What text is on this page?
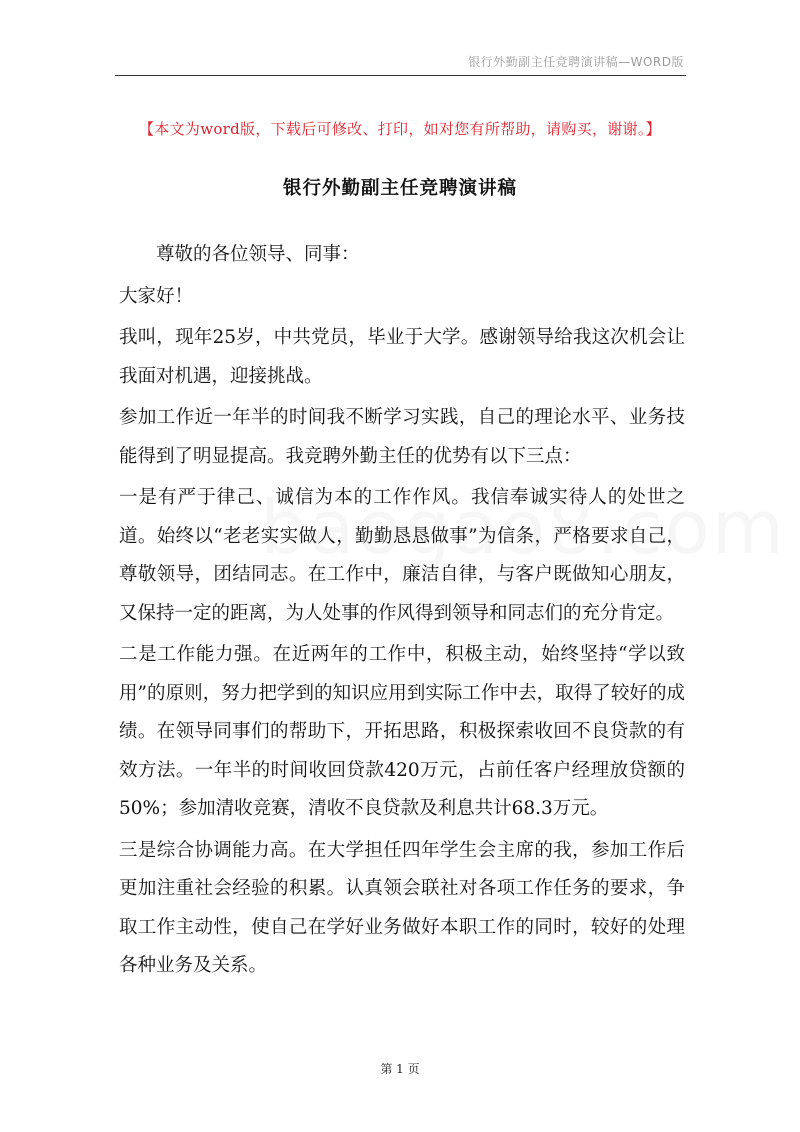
银行外勤副主任竞聘演讲稿—WORD版
【本文为word版，下载后可修改、打印，如对您有所帮助，请购买，谢谢。】
银行外勤副主任竞聘演讲稿

尊敬的各位领导、同事：

大家好！

我叫，现年25岁，中共党员，毕业于大学。感谢领导给我这次机会让我面对机遇，迎接挑战。

参加工作近一年半的时间我不断学习实践，自己的理论水平、业务技能得到了明显提高。我竞聘外勤主任的优势有以下三点：

一是有严于律己、诚信为本的工作作风。我信奉诚实待人的处世之道。始终以“老老实实做人，勤勤恳恳做事”为信条，严格要求自己，尊敬领导，团结同志。在工作中，廉洁自律，与客户既做知心朋友，又保持一定的距离，为人处事的作风得到领导和同志们的充分肯定。

二是工作能力强。在近两年的工作中，积极主动，始终坚持“学以致用”的原则，努力把学到的知识应用到实际工作中去，取得了较好的成绩。在领导同事们的帮助下，开拓思路，积极探索收回不良贷款的有效方法。一年半的时间收回贷款420万元，占前任客户经理放贷额的50%；参加清收竞赛，清收不良贷款及利息共计68.3万元。

三是综合协调能力高。在大学担任四年学生会主席的我，参加工作后更加注重社会经验的积累。认真领会联社对各项工作任务的要求，争取工作主动性，使自己在学好业务做好本职工作的同时，较好的处理各种业务及关系。

第 1 页
